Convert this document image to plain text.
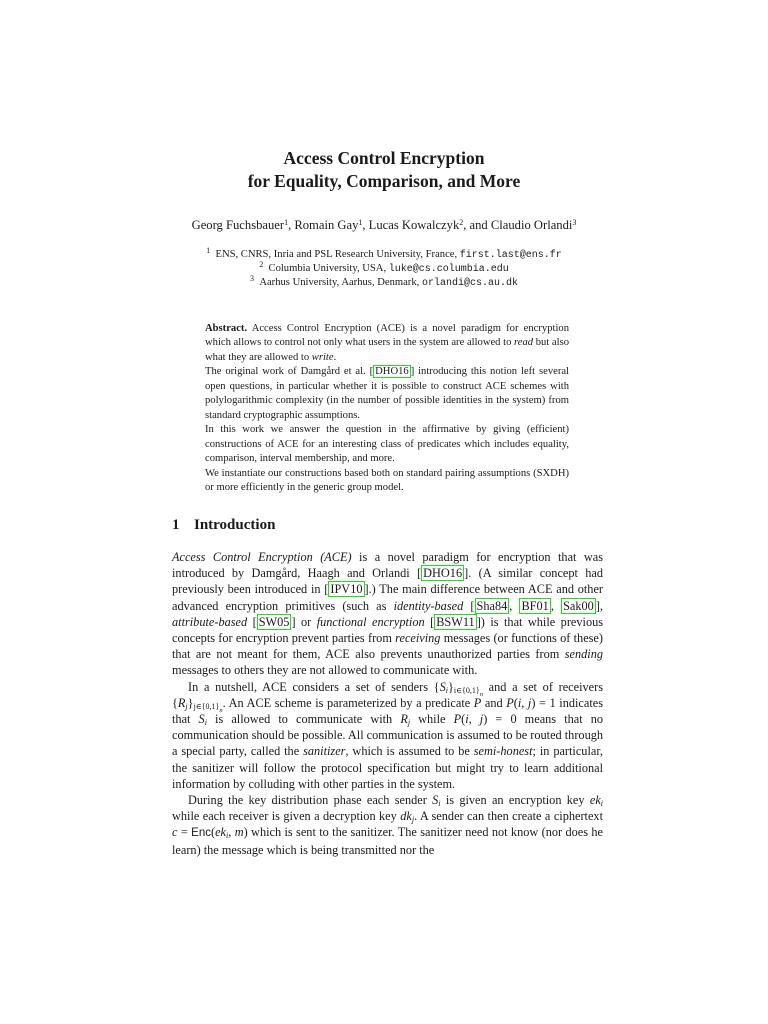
Access Control Encryption
for Equality, Comparison, and More
Georg Fuchsbauer$^1$, Romain Gay$^1$, Lucas Kowalczyk$^2$, and Claudio Orlandi$^3$
$^1$ ENS, CNRS, Inria and PSL Research University, France, first.last@ens.fr
$^2$ Columbia University, USA, luke@cs.columbia.edu
$^3$ Aarhus University, Aarhus, Denmark, orlandi@cs.au.dk

Abstract. Access Control Encryption (ACE) is a novel paradigm for encryption which allows to control not only what users in the system are allowed to read but also what they are allowed to write.

The original work of Damgård et al. [ DHO16 ] introducing this notion left several open questions, in particular whether it is possible to construct ACE schemes with polylogarithmic complexity (in the number of possible identities in the system) from standard cryptographic assumptions.

In this work we answer the question in the affirmative by giving (efficient) constructions of ACE for an interesting class of predicates which includes equality, comparison, interval membership, and more.

We instantiate our constructions based both on standard pairing assumptions (SXDH) or more efficiently in the generic group model.

1 Introduction

Access Control Encryption (ACE) is a novel paradigm for encryption that was introduced by Damgård, Haagh and Orlandi [ DHO16 ]. (A similar concept had previously been introduced in [ IPV10 ].) The main difference between ACE and other advanced encryption primitives (such as identity-based [ Sha84 , BF01 , Sak00 ], attribute-based [ SW05 ] or functional encryption [ BSW11 ]) is that while previous concepts for encryption prevent parties from receiving messages (or functions of these) that are not meant for them, ACE also prevents unauthorized parties from sending messages to others they are not allowed to communicate with.

In a nutshell, ACE considers a set of senders $\{S_i\}_{i\in\{0,1\}^n}$ and a set of receivers $\{R_j\}_{j\in\{0,1\}^n}$. An ACE scheme is parameterized by a predicate P and P(i, j) = 1 indicates that $S_i$ is allowed to communicate with $R_j$ while P(i, j) = 0 means that no communication should be possible. All communication is assumed to be routed through a special party, called the sanitizer, which is assumed to be semi-honest; in particular, the sanitizer will follow the protocol specification but might try to learn additional information by colluding with other parties in the system.

During the key distribution phase each sender $S_i$ is given an encryption key $ek_i$ while each receiver is given a decryption key $dk_j$. A sender can then create a ciphertext $c = Enc(ek_i$, m) which is sent to the sanitizer. The sanitizer need not know (nor does he learn) the message which is being transmitted nor the
